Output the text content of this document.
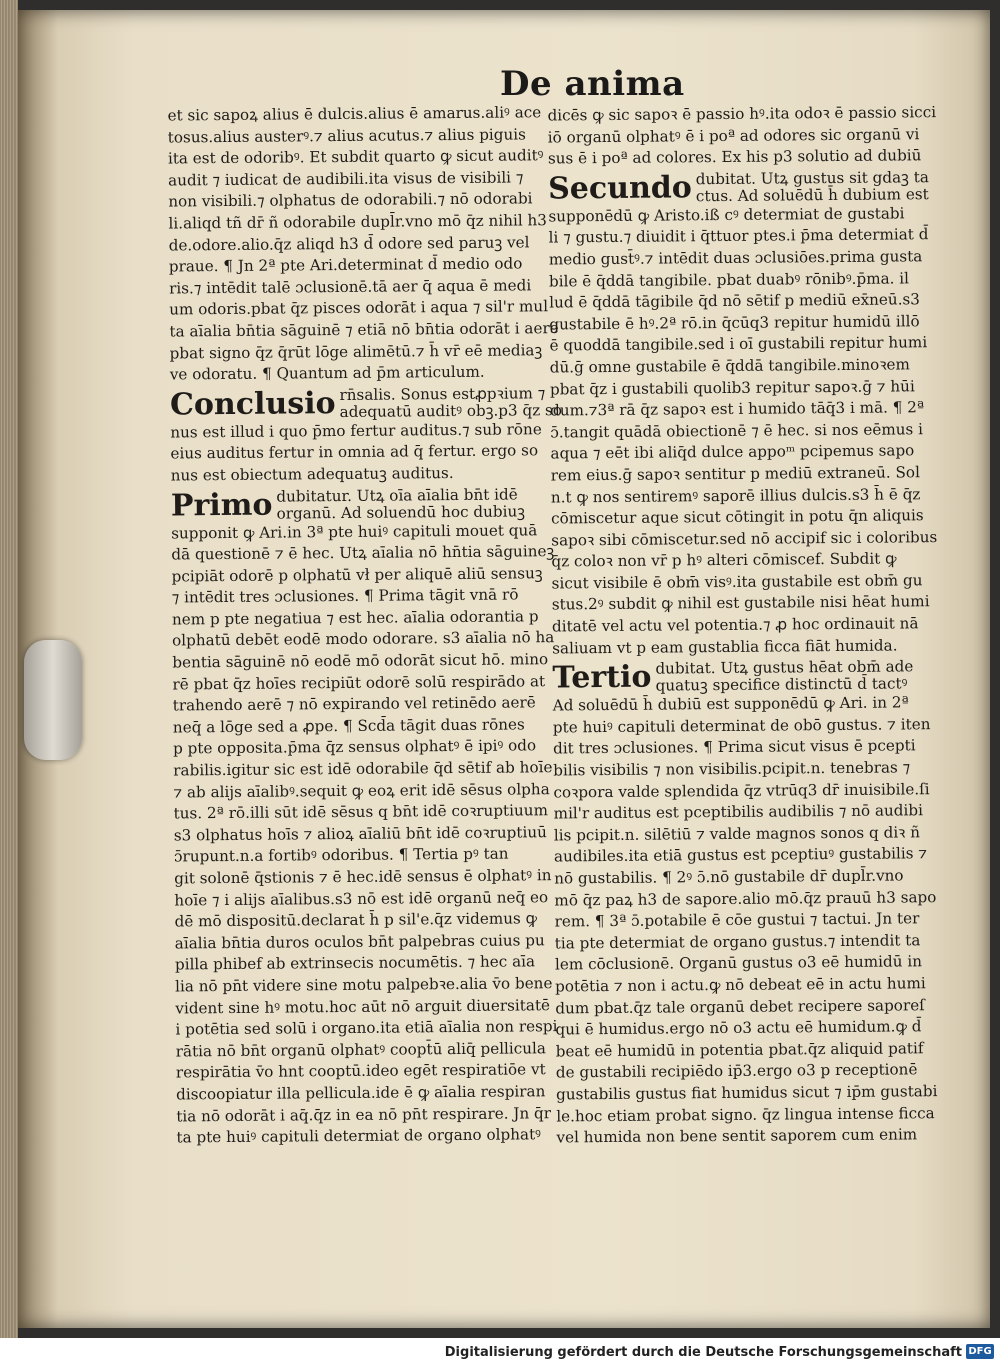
De anima

et sic sapoꝝ alius ē dulcis.alius ē amarus.aliꝰ ace

tosus.alius austerꝰ.⁊ alius acutus.⁊ alius piguis

ita est de odoribꝰ. Et subdit quarto ꝙ sicut auditꝰ

audit ⁊ iudicat de audibili.ita visus de visibili ⁊

non visibili.⁊ olphatus de odorabili.⁊ nō odorabi

li.aliqd tñ dr̄ ñ odorabile dupl̄r.vno mō q̄z nihil h3

de.odore.alio.q̄z aliqd h3 d̄ odore sed paruꝫ vel

praue. ¶ Jn 2ª pte Ari.determinat d̄ medio odo

ris.⁊ intēdit talē ɔclusionē.tā aer q̄̄ aqua ē medi

um odoris.pbat q̄z pisces odorāt i aqua ⁊ sil'r mul

ta aīalia bn̄tia sāguinē ⁊ etiā nō bn̄tia odorāt i aere

pbat signo q̄z q̄rūt lōge alimētū.⁊ h̄ vr̄ eē mediaꝫ

ve odoratu. ¶ Quantum ad p̄m articulum.

Conclusio rn̄salis. Sonus estꝓpꝛium ⁊
adequatū auditꝰ obꝫ.p3 q̄z so

nus est illud i quo p̄mo fertur auditus.⁊ sub rōne

eius auditus fertur in omnia ad q̄ fertur. ergo so

nus est obiectum adequatuꝫ auditus.

Primo dubitatur. Utꝝ oīa aīalia bn̄t idē
organū. Ad soluendū hoc dubiuꝫ

supponit ꝙ Ari.in 3ª pte huiꝰ capituli mouet quā

dā questionē ⁊ ē hec. Utꝝ aīalia nō hn̄tia sāguineꝫ

pcipiāt odorē p olphatū vł per aliquē aliū sensuꝫ

⁊ intēdit tres ɔclusiones. ¶ Prima tāgit vnā rō

nem p pte negatiua ⁊ est hec. aīalia odorantia p

olphatū debēt eodē modo odorare. s3 aīalia nō ha

bentia sāguinē nō eodē mō odorāt sicut hō. mino

rē pbat q̄z hoīes recipiūt odorē solū respirādo at

trahendo aerē ⁊ nō expirando vel retinēdo aerē

neq̄ a lōge sed a ꝓpe. ¶ Scd̄a tāgit duas rōnes

p pte opposita.p̄ma q̄z sensus olphatꝰ ē ipiꝰ odo

rabilis.igitur sic est idē odorabile q̄d sētif ab hoīe

⁊ ab alijs aīalibꝰ.sequit ꝙ eoꝝ erit idē sēsus olpha

tus. 2ª rō.illi sūt idē sēsus q bn̄t idē coꝛruptiuum

s3 olphatus hoīs ⁊ alioꝝ aīaliū bn̄t idē coꝛruptiuū

ɔ̄rupunt.n.a fortibꝰ odoribus. ¶ Tertia pꝰ tan

git solonē q̄stionis ⁊ ē hec.idē sensus ē olphatꝰ in

hoīe ⁊ i alijs aīalibus.s3 nō est idē organū neq̄ eo

dē mō dispositū.declarat h̄ p sil'e.q̄z videmus ꝙ

aīalia bn̄tia duros oculos bn̄t palpebras cuius pu

pilla phibef ab extrinsecis nocumētis. ⁊ hec aīa

lia nō pn̄t videre sine motu palpebꝛe.alia v̄o bene

vident sine hꝰ motu.hoc aūt nō arguit diuersitatē

i potētia sed solū i organo.ita etiā aīalia non respi

rātia nō bn̄t organū olphatꝰ coopt̄ū aliq̄ pellicula

respirātia v̄o hnt cooptū.ideo egēt respiratiōe vt

discoopiatur illa pellicula.ide ē ꝙ aīalia respiran

tia nō odorāt i aq̄.q̄z in ea nō pn̄t respirare. Jn q̄r

ta pte huiꝰ capituli determiat de organo olphatꝰ

dicēs ꝙ sic sapoꝛ ē passio hꝰ.ita odoꝛ ē passio sicci

iō organū olphatꝰ ē i poª ad odores sic organū vi

sus ē i poª ad colores. Ex his p3 solutio ad dubiū

Secundo dubitat. Utꝝ gustus sit gdaꝫ ta
ctus. Ad soluēdū h̄ dubium est

supponēdū ꝙ Aristo.iß cꝰ determiat de gustabi

li ⁊ gustu.⁊ diuidit i q̄ttuor ptes.i p̄ma determiat d̄

medio gust̄ꝰ.⁊ intēdit duas ɔclusiōes.prima gusta

bile ē q̄ddā tangibile. pbat duabꝰ rōnibꝰ.p̄ma. il

lud ē q̄ddā tāgibile q̄d nō sētif p mediū ex̄neū.s3

gustabile ē hꝰ.2ª rō.in q̄cūq3 repitur humidū illō

ē quoddā tangibile.sed i oī gustabili repitur humi

dū.ḡ omne gustabile ē q̄ddā tangibile.minoꝛem

pbat q̄z i gustabili quolib3 repitur sapoꝛ.ḡ ⁊ hūi

dum.⁊3ª rā q̄z sapoꝛ est i humido tāq̄3 i mā. ¶ 2ª

ɔ̄.tangit quādā obiectionē ⁊ ē hec. si nos eēmus i

aqua ⁊ eēt ibi aliq̄d dulce appoᵐ pcipemus sapo

rem eius.ḡ sapoꝛ sentitur p mediū extraneū. Sol

n.t ꝙ nos sentiremꝰ saporē illius dulcis.s3 h̄ ē q̄z

cōmiscetur aque sicut cōtingit in potu q̄n aliquis

sapoꝛ sibi cōmiscetur.sed nō accipif sic i coloribus

q̄z coloꝛ non vr̄ p hꝰ alteri cōmiscef. Subdit ꝙ

sicut visibile ē obm̄ visꝰ.ita gustabile est obm̄ gu

stus.2ꝰ subdit ꝙ nihil est gustabile nisi hēat humi

ditatē vel actu vel potentia.⁊ ꝓ hoc ordinauit nā

saliuam vt p eam gustablia ficca fiāt humida.

Tertio dubitat. Utꝝ gustus hēat obm̄ ade
quatuꝫ specifice distinctū d̄ tactꝰ

Ad soluēdū h̄ dubiū est supponēdū ꝙ Ari. in 2ª

pte huiꝰ capituli determinat de obō gustus. ⁊ iten

dit tres ɔclusiones. ¶ Prima sicut visus ē pcepti

bilis visibilis ⁊ non visibilis.pcipit.n. tenebras ⁊

coꝛpora valde splendida q̄z vtrūq3 dr̄ inuisibile.ſi

mil'r auditus est pceptibilis audibilis ⁊ nō audibi

lis pcipit.n. silētiū ⁊ valde magnos sonos q diꝛ ñ

audibiles.ita etiā gustus est pceptiuꝰ gustabilis ⁊

nō gustabilis. ¶ 2ꝰ ɔ̄.nō gustabile dr̄ dupl̄r.vno

mō q̄z paꝝ h3 de sapore.alio mō.q̄z prauū h3 sapo

rem. ¶ 3ª ɔ̄.potabile ē cōe gustui ⁊ tactui. Jn ter

tia pte determiat de organo gustus.⁊ intendit ta

lem cōclusionē. Organū gustus o3 eē humidū in

potētia ⁊ non i actu.ꝙ nō debeat eē in actu humi

dum pbat.q̄z tale organū debet recipere saporeſ

qui ē humidus.ergo nō o3 actu eē humidum.ꝙ d̄

beat eē humidū in potentia pbat.q̄z aliquid patif

de gustabili recipiēdo ip̄3.ergo o3 p receptionē

gustabilis gustus fiat humidus sicut ⁊ ip̄m gustabi

le.hoc etiam probat signo. q̄z lingua intense ficca

vel humida non bene sentit saporem cum enim

Digitalisierung gefördert durch die Deutsche Forschungsgemeinschaft DFG
